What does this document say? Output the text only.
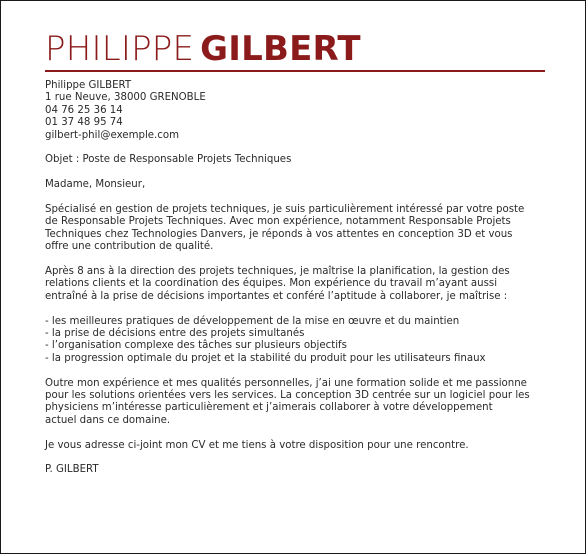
PHILIPPE GILBERT
Philippe GILBERT
1 rue Neuve, 38000 GRENOBLE
04 76 25 36 14
01 37 48 95 74
gilbert-phil@exemple.com
Objet : Poste de Responsable Projets Techniques
Madame, Monsieur,
Spécialisé en gestion de projets techniques, je suis particulièrement intéressé par votre poste
de Responsable Projets Techniques. Avec mon expérience, notamment Responsable Projets
Techniques chez Technologies Danvers, je réponds à vos attentes en conception 3D et vous
offre une contribution de qualité.
Après 8 ans à la direction des projets techniques, je maîtrise la planification, la gestion des
relations clients et la coordination des équipes. Mon expérience du travail m’ayant aussi
entraîné à la prise de décisions importantes et conféré l’aptitude à collaborer, je maîtrise :
- les meilleures pratiques de développement de la mise en œuvre et du maintien
- la prise de décisions entre des projets simultanés
- l’organisation complexe des tâches sur plusieurs objectifs
- la progression optimale du projet et la stabilité du produit pour les utilisateurs finaux
Outre mon expérience et mes qualités personnelles, j’ai une formation solide et me passionne
pour les solutions orientées vers les services. La conception 3D centrée sur un logiciel pour les
physiciens m’intéresse particulièrement et j’aimerais collaborer à votre développement
actuel dans ce domaine.
Je vous adresse ci-joint mon CV et me tiens à votre disposition pour une rencontre.
P. GILBERT
